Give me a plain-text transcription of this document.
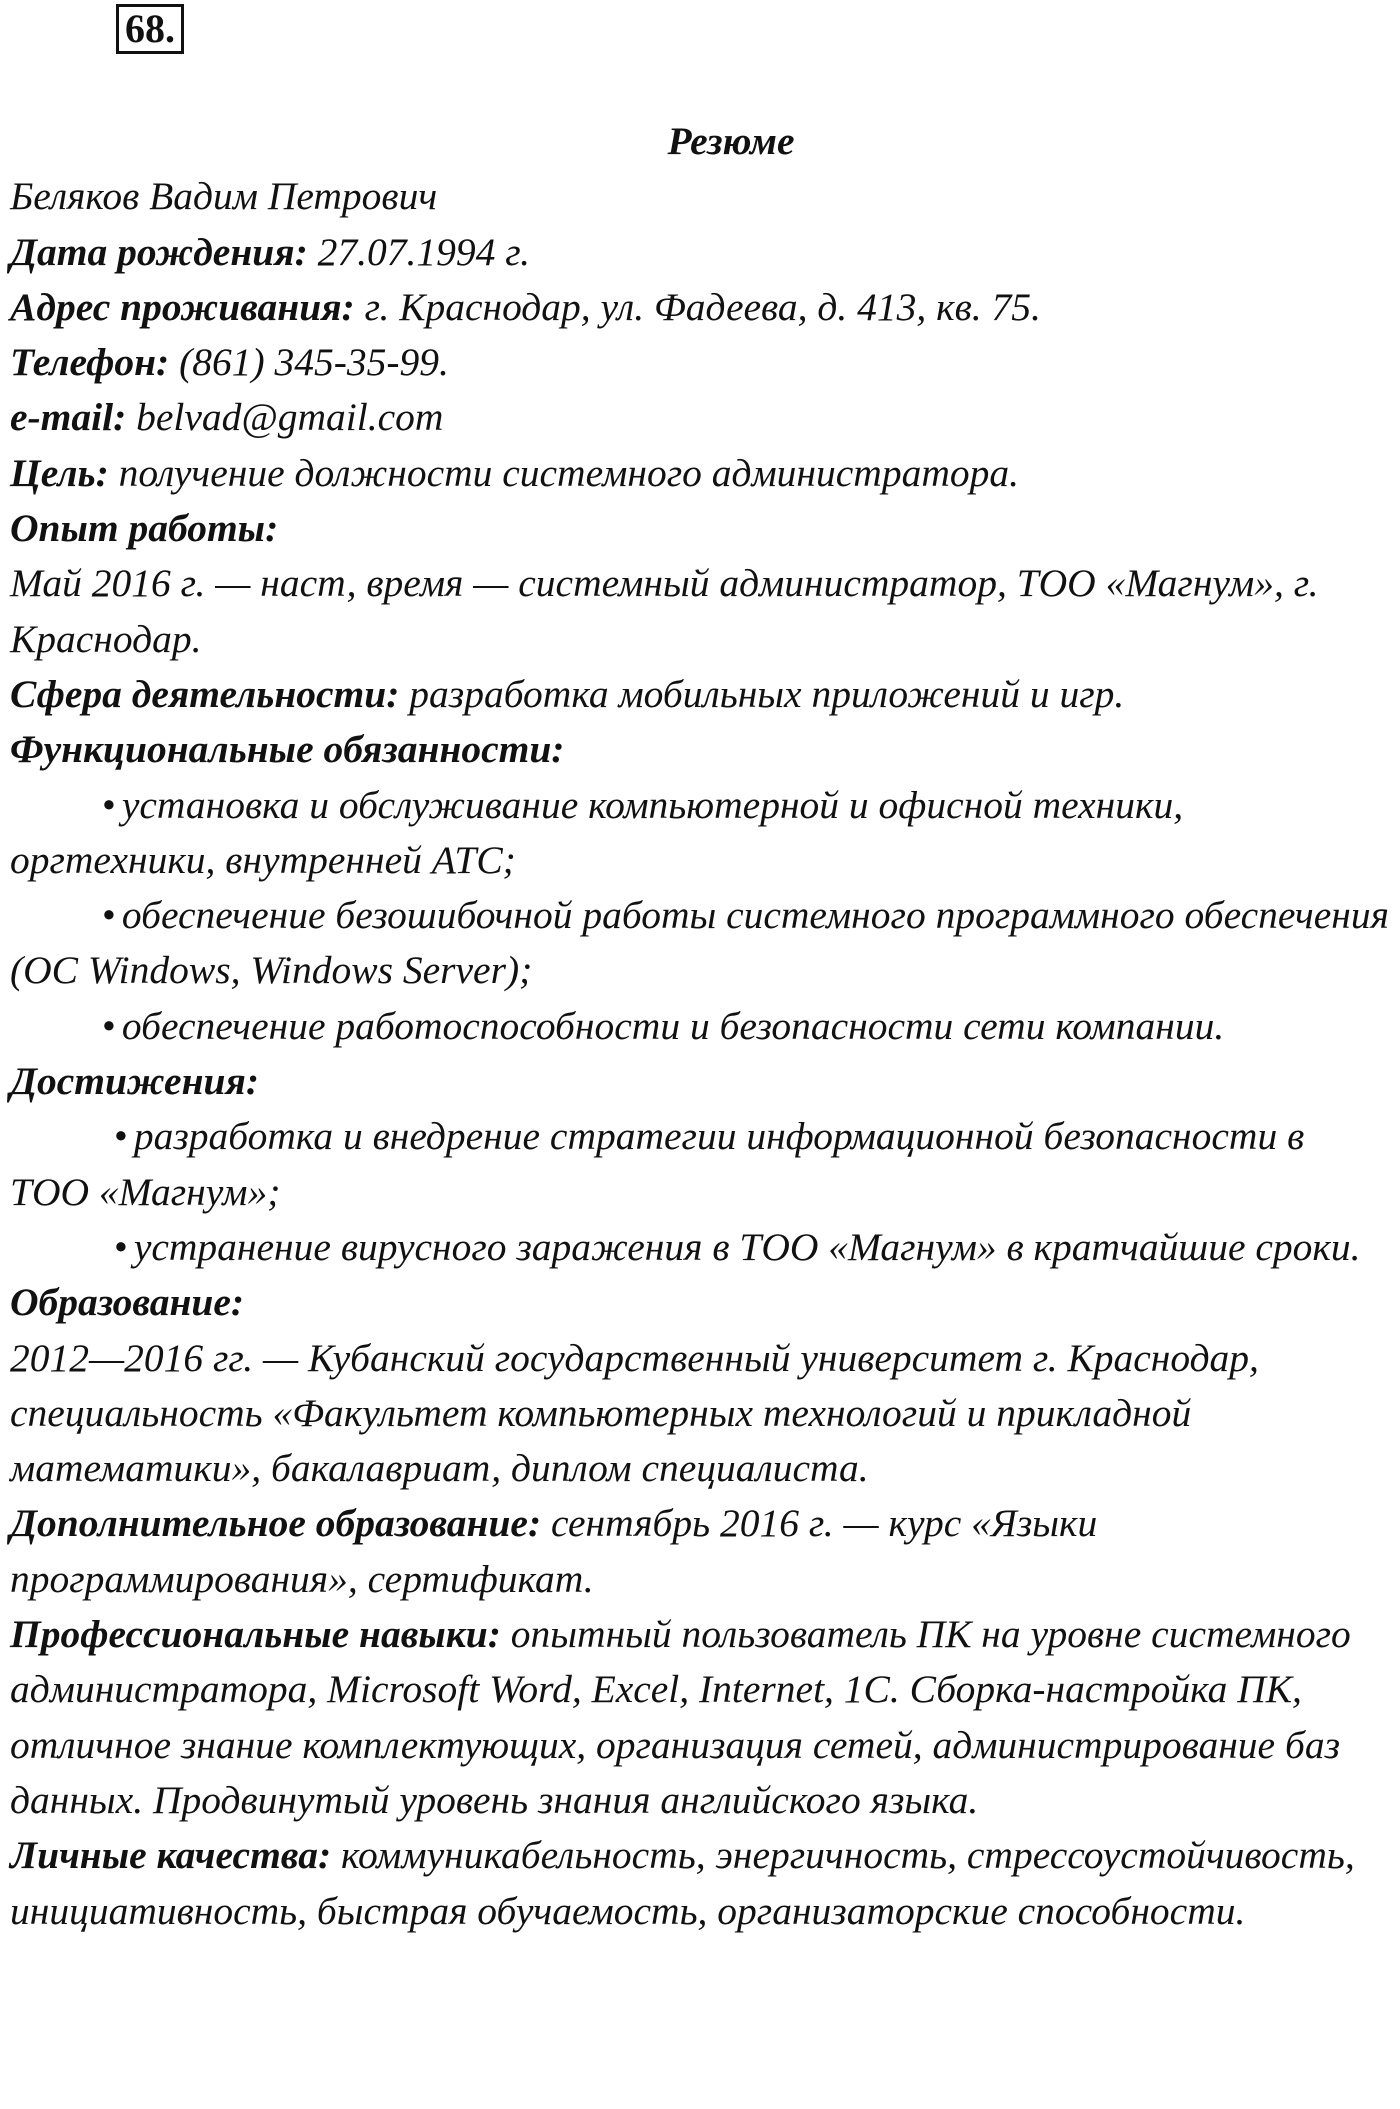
68.
Резюме
Беляков Вадим Петрович
Дата рождения: 27.07.1994 г.
Адрес проживания: г. Краснодар, ул. Фадеева, д. 413, кв. 75.
Телефон: (861) 345-35-99.
e-mail: belvad@gmail.com
Цель: получение должности системного администратора.
Опыт работы:
Май 2016 г. — наст, время — системный администратор, ТОО «Магнум», г. Краснодар.
Сфера деятельности: разработка мобильных приложений и игр.
Функциональные обязанности:
• установка и обслуживание компьютерной и офисной техники, оргтехники, внутренней АТС;
• обеспечение безошибочной работы системного программного обеспечения (ОС Windows, Windows Server);
• обеспечение работоспособности и безопасности сети компании.
Достижения:
• разработка и внедрение стратегии информационной безопасности в ТОО «Магнум»;
• устранение вирусного заражения в ТОО «Магнум» в кратчайшие сроки.
Образование:
2012—2016 гг. — Кубанский государственный университет г. Краснодар, специальность «Факультет компьютерных технологий и прикладной математики», бакалавриат, диплом специалиста.
Дополнительное образование: сентябрь 2016 г. — курс «Языки программирования», сертификат.
Профессиональные навыки: опытный пользователь ПК на уровне системного администратора, Microsoft Word, Excel, Internet, 1С. Сборка-настройка ПК, отличное знание комплектующих, организация сетей, администрирование баз данных. Продвинутый уровень знания английского языка.
Личные качества: коммуникабельность, энергичность, стрессоустойчивость, инициативность, быстрая обучаемость, организаторские способности.
